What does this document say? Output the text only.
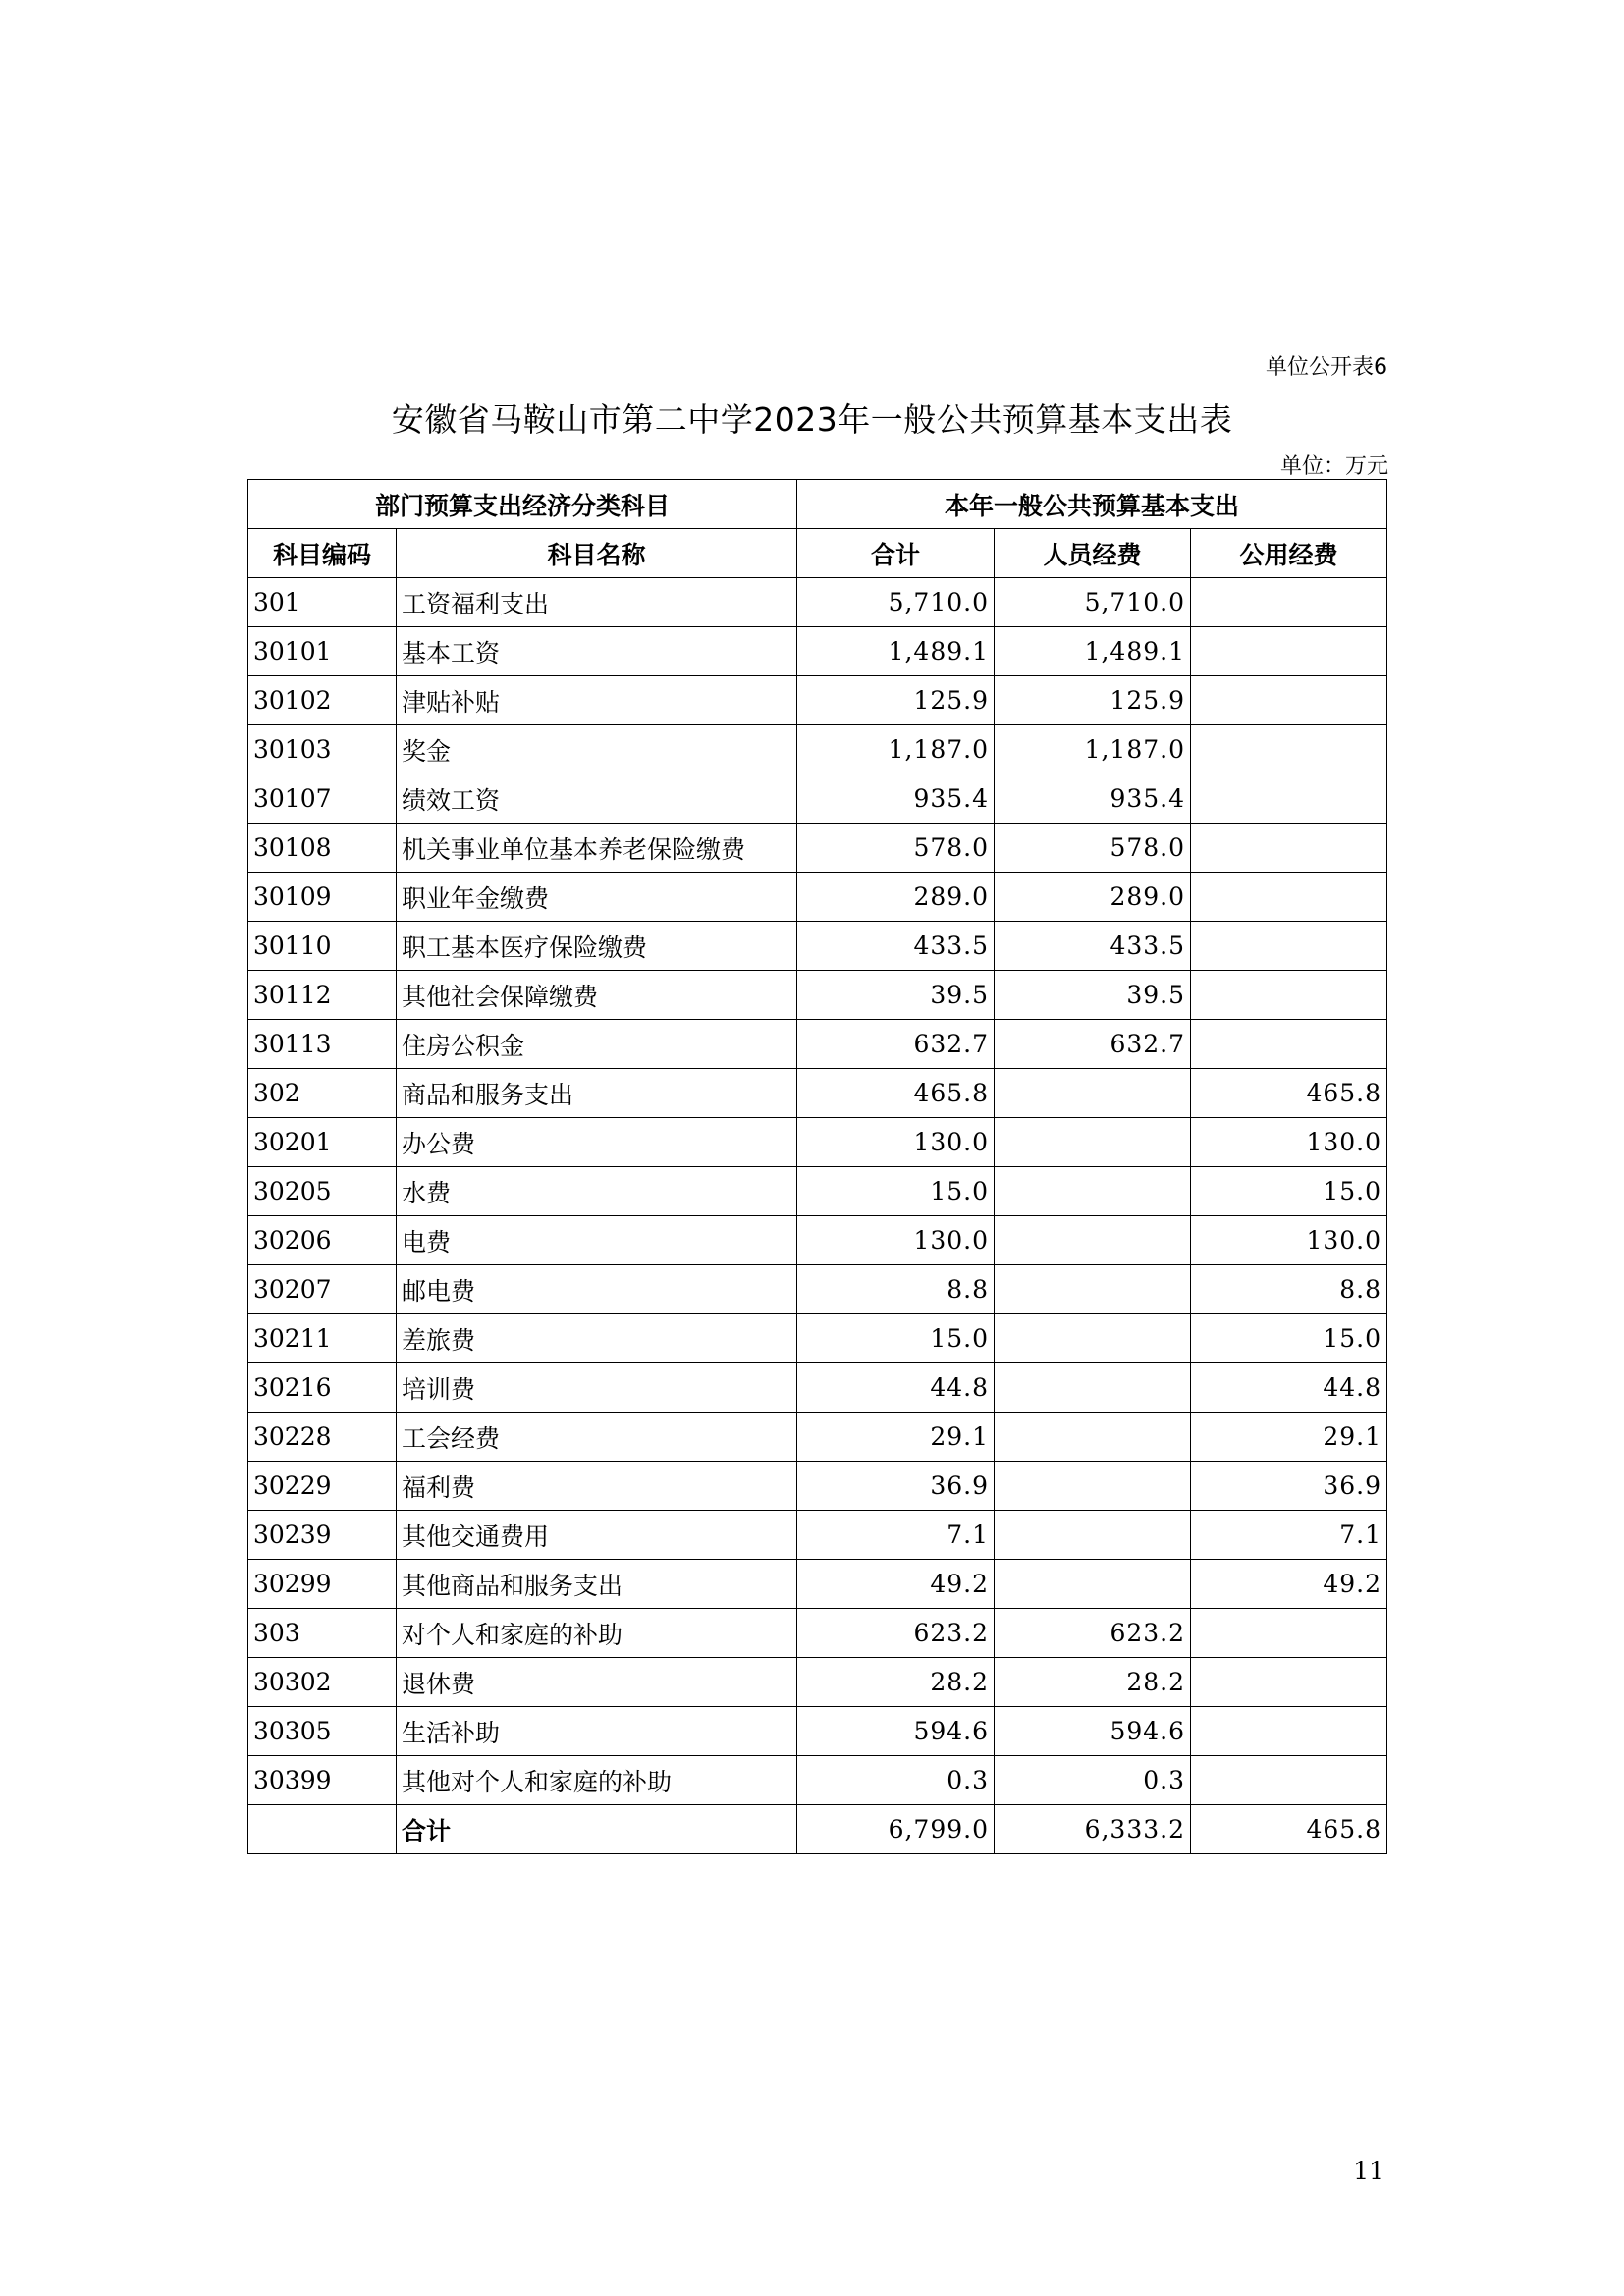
单位公开表6
安徽省马鞍山市第二中学2023年一般公共预算基本支出表
单位：万元
部门预算支出经济分类科目		本年一般公共预算基本支出		
科目编码	科目名称	合计	人员经费	公用经费
301	工资福利支出	5,710.0	5,710.0	
30101	基本工资	1,489.1	1,489.1	
30102	津贴补贴	125.9	125.9	
30103	奖金	1,187.0	1,187.0	
30107	绩效工资	935.4	935.4	
30108	机关事业单位基本养老保险缴费	578.0	578.0	
30109	职业年金缴费	289.0	289.0	
30110	职工基本医疗保险缴费	433.5	433.5	
30112	其他社会保障缴费	39.5	39.5	
30113	住房公积金	632.7	632.7	
302	商品和服务支出	465.8		465.8
30201	办公费	130.0		130.0
30205	水费	15.0		15.0
30206	电费	130.0		130.0
30207	邮电费	8.8		8.8
30211	差旅费	15.0		15.0
30216	培训费	44.8		44.8
30228	工会经费	29.1		29.1
30229	福利费	36.9		36.9
30239	其他交通费用	7.1		7.1
30299	其他商品和服务支出	49.2		49.2
303	对个人和家庭的补助	623.2	623.2	
30302	退休费	28.2	28.2	
30305	生活补助	594.6	594.6	
30399	其他对个人和家庭的补助	0.3	0.3	
	合计	6,799.0	6,333.2	465.8
11
